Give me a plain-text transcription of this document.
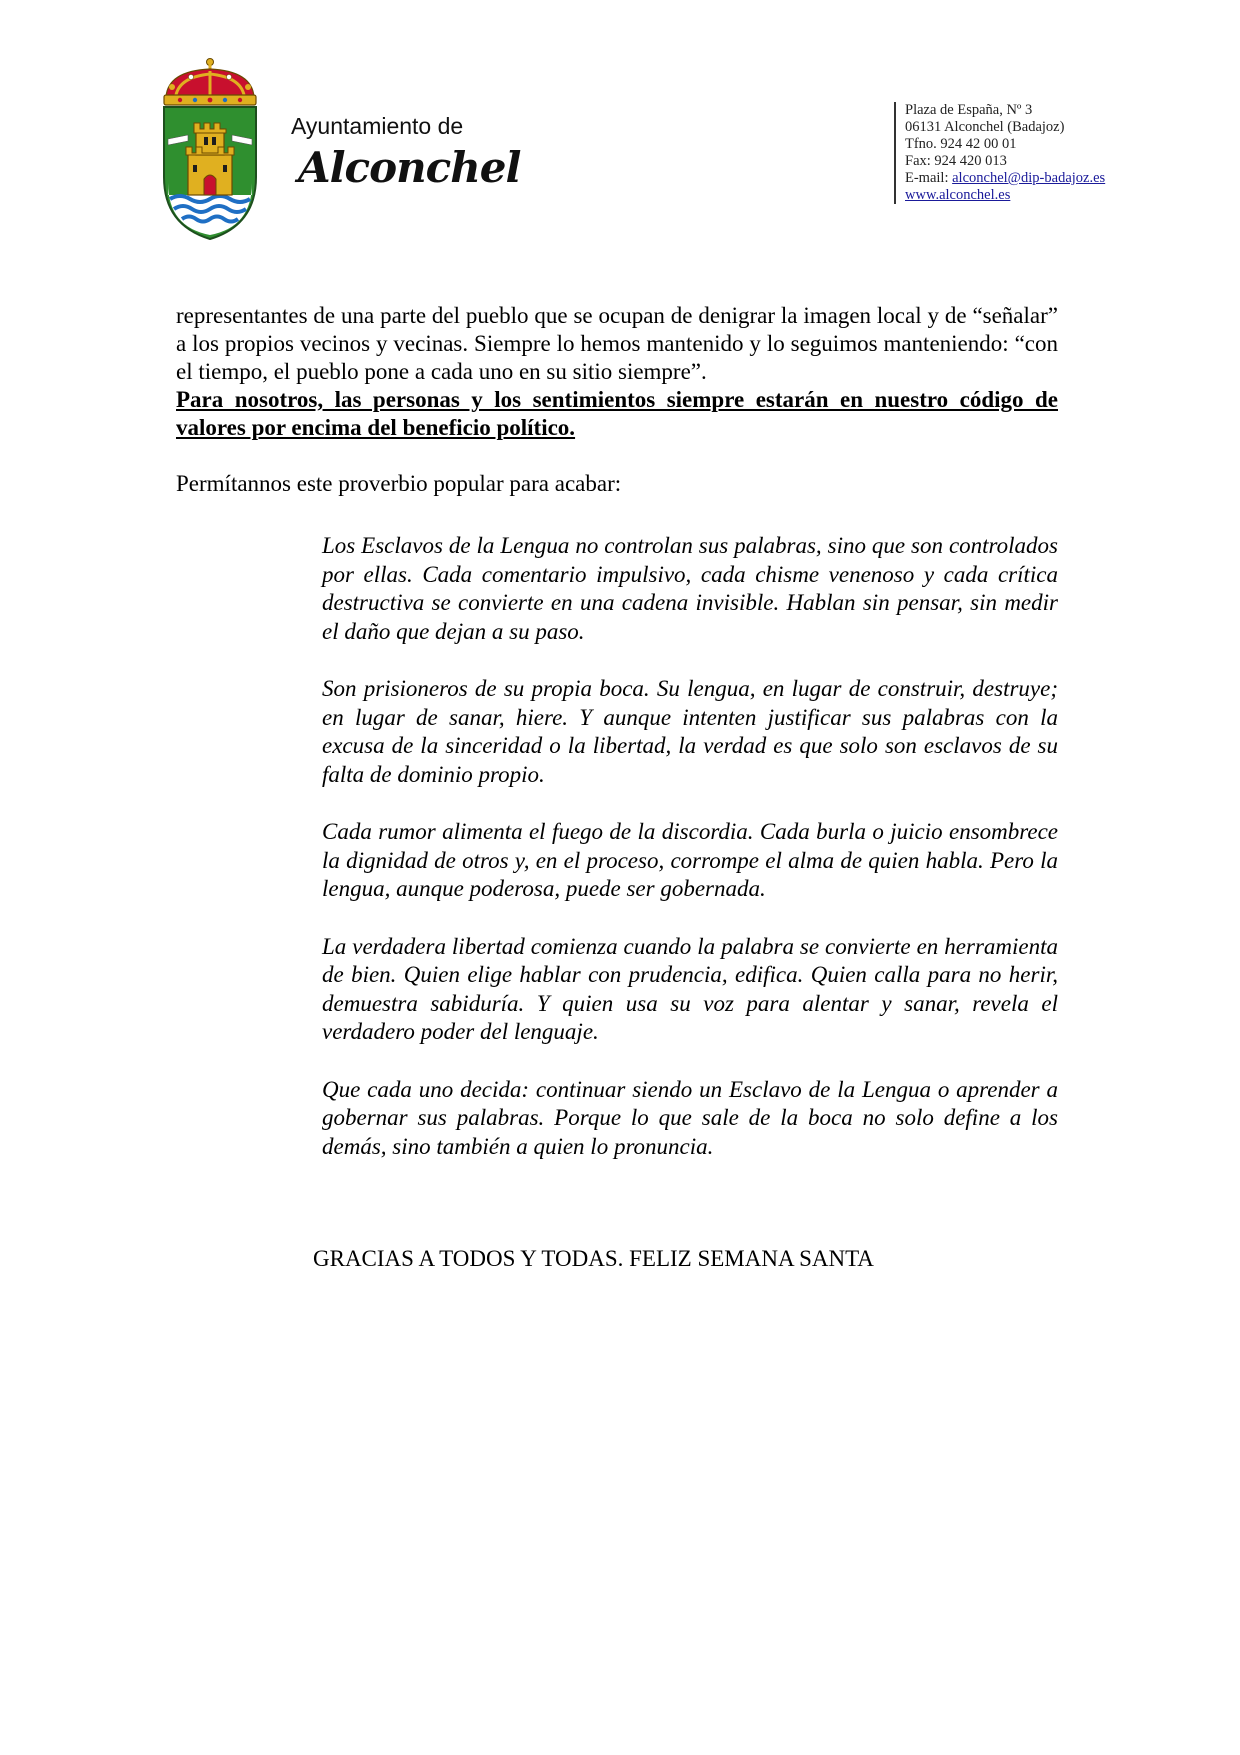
Ayuntamiento de
Alconchel
Plaza de España, Nº 3
06131 Alconchel (Badajoz)
Tfno. 924 42 00 01
Fax: 924 420 013
E-mail: alconchel@dip-badajoz.es
www.alconchel.es

representantes de una parte del pueblo que se ocupan de denigrar la imagen local y de “señalar” a los propios vecinos y vecinas. Siempre lo hemos mantenido y lo seguimos manteniendo: “con el tiempo, el pueblo pone a cada uno en su sitio siempre”.

Para nosotros, las personas y los sentimientos siempre estarán en nuestro código de valores por encima del beneficio político.

Permítannos este proverbio popular para acabar:

Los Esclavos de la Lengua no controlan sus palabras, sino que son controlados por ellas. Cada comentario impulsivo, cada chisme venenoso y cada crítica destructiva se convierte en una cadena invisible. Hablan sin pensar, sin medir el daño que dejan a su paso.

Son prisioneros de su propia boca. Su lengua, en lugar de construir, destruye; en lugar de sanar, hiere. Y aunque intenten justificar sus palabras con la excusa de la sinceridad o la libertad, la verdad es que solo son esclavos de su falta de dominio propio.

Cada rumor alimenta el fuego de la discordia. Cada burla o juicio ensombrece la dignidad de otros y, en el proceso, corrompe el alma de quien habla. Pero la lengua, aunque poderosa, puede ser gobernada.

La verdadera libertad comienza cuando la palabra se convierte en herramienta de bien. Quien elige hablar con prudencia, edifica. Quien calla para no herir, demuestra sabiduría. Y quien usa su voz para alentar y sanar, revela el verdadero poder del lenguaje.

Que cada uno decida: continuar siendo un Esclavo de la Lengua o aprender a gobernar sus palabras. Porque lo que sale de la boca no solo define a los demás, sino también a quien lo pronuncia.

GRACIAS A TODOS Y TODAS. FELIZ SEMANA SANTA
